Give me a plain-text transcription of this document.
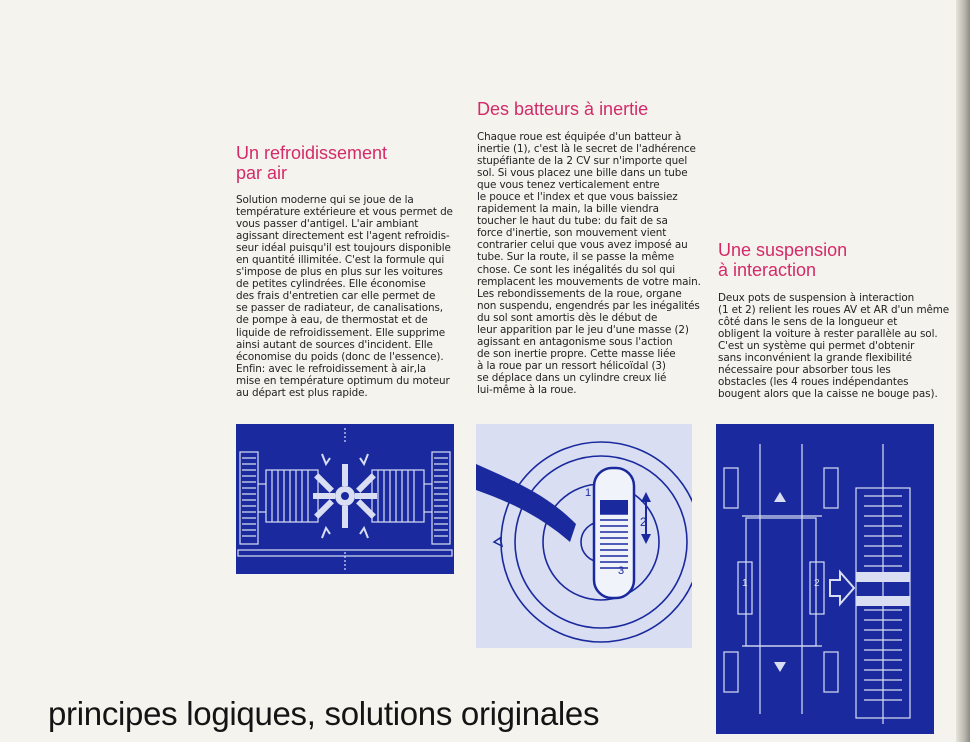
Un refroidissement
par air
Solution moderne qui se joue de la
température extérieure et vous permet de
vous passer d'antigel. L'air ambiant
agissant directement est l'agent refroidis-
seur idéal puisqu'il est toujours disponible
en quantité illimitée. C'est la formule qui
s'impose de plus en plus sur les voitures
de petites cylindrées. Elle économise
des frais d'entretien car elle permet de
se passer de radiateur, de canalisations,
de pompe à eau, de thermostat et de
liquide de refroidissement. Elle supprime
ainsi autant de sources d'incident. Elle
économise du poids (donc de l'essence).
Enfin: avec le refroidissement à air,la
mise en température optimum du moteur
au départ est plus rapide.
Des batteurs à inertie
Chaque roue est équipée d'un batteur à
inertie (1), c'est là le secret de l'adhérence
stupéfiante de la 2 CV sur n'importe quel
sol. Si vous placez une bille dans un tube
que vous tenez verticalement entre
le pouce et l'index et que vous baissiez
rapidement la main, la bille viendra
toucher le haut du tube: du fait de sa
force d'inertie, son mouvement vient
contrarier celui que vous avez imposé au
tube. Sur la route, il se passe la même
chose. Ce sont les inégalités du sol qui
remplacent les mouvements de votre main.
Les rebondissements de la roue, organe
non suspendu, engendrés par les inégalités
du sol sont amortis dès le début de
leur apparition par le jeu d'une masse (2)
agissant en antagonisme sous l'action
de son inertie propre. Cette masse liée
à la roue par un ressort hélicoïdal (3)
se déplace dans un cylindre creux lié
lui-même à la roue.
Une suspension
à interaction
Deux pots de suspension à interaction
(1 et 2) relient les roues AV et AR d'un même
côté dans le sens de la longueur et
obligent la voiture à rester parallèle au sol.
C'est un système qui permet d'obtenir
sans inconvénient la grande flexibilité
nécessaire pour absorber tous les
obstacles (les 4 roues indépendantes
bougent alors que la caisse ne bouge pas).
1
2
3
1	2
principes logiques, solutions originales
